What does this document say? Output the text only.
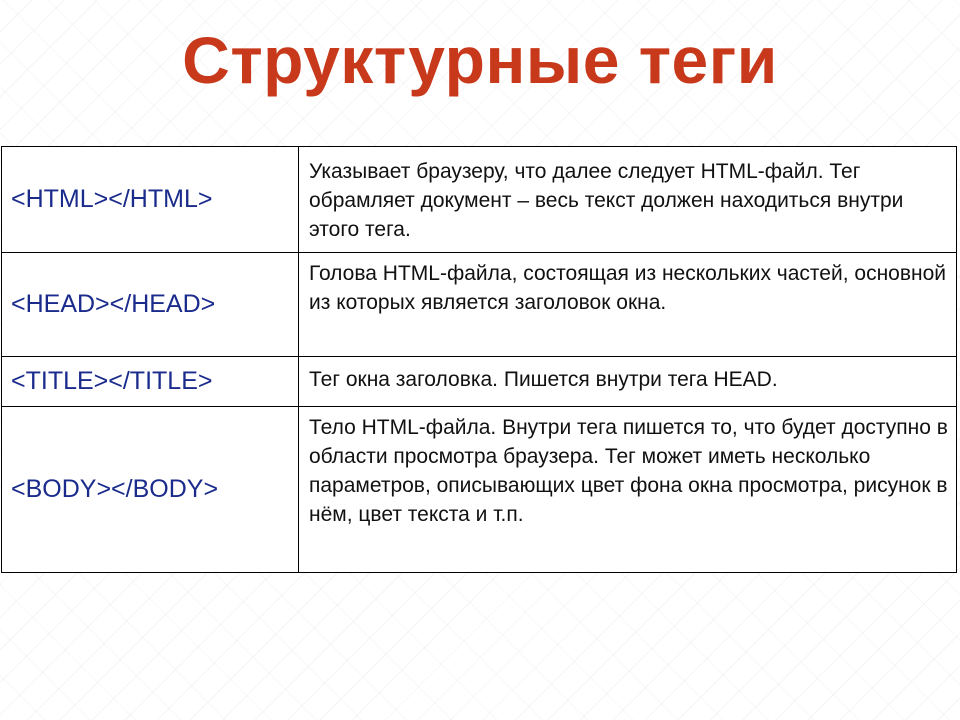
Структурные теги
<HTML></HTML>	Указывает браузеру, что далее следует HTML-файл. Тег обрамляет документ – весь текст должен находиться внутри этого тега.
<HEAD></HEAD>	Голова HTML-файла, состоящая из нескольких частей, основной из которых является заголовок окна.
<TITLE></TITLE>	Тег окна заголовка. Пишется внутри тега HEAD.
<BODY></BODY>	Тело HTML-файла. Внутри тега пишется то, что будет доступно в области просмотра браузера. Тег может иметь несколько параметров, описывающих цвет фона окна просмотра, рисунок в нём, цвет текста и т.п.
